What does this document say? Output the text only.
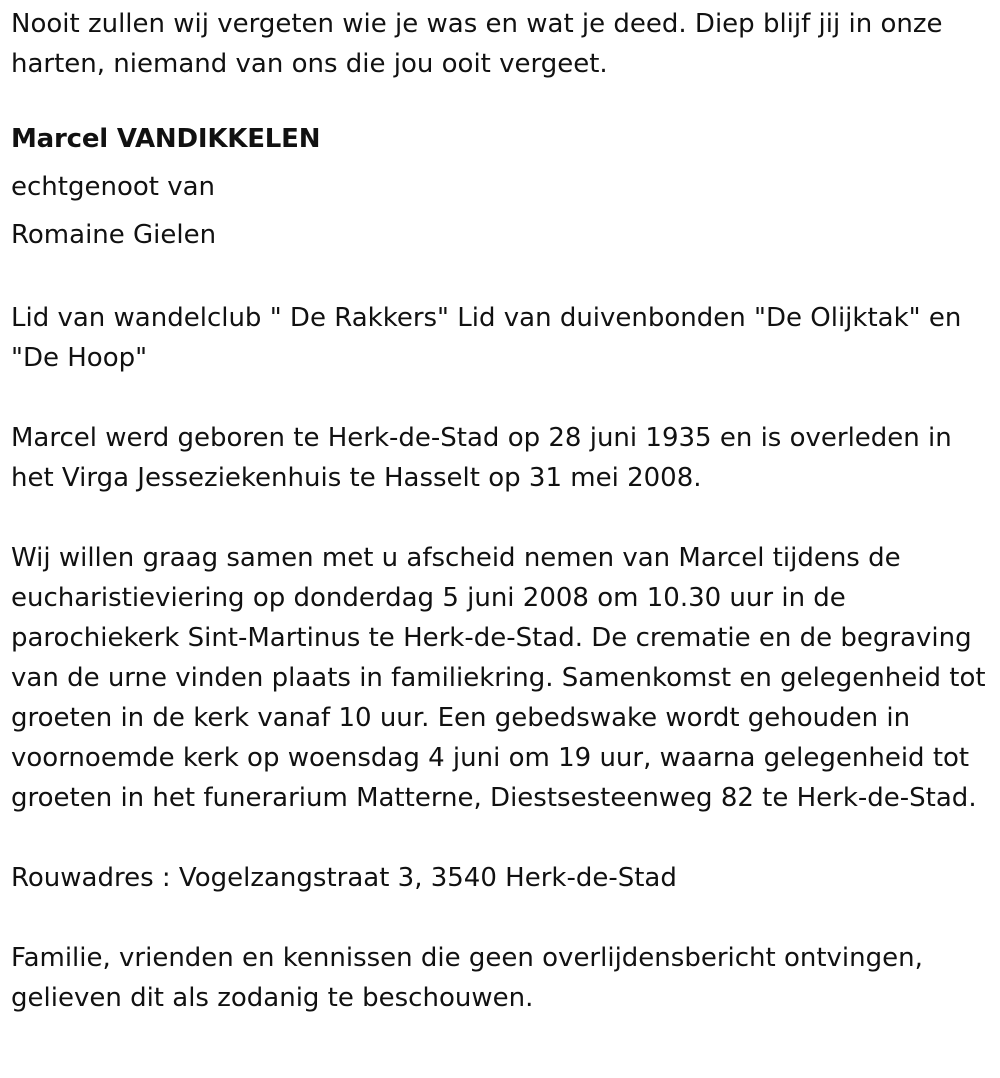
Nooit zullen wij vergeten wie je was en wat je deed. Diep blijf jij in onze harten, niemand van ons die jou ooit vergeet.

Marcel VANDIKKELEN

echtgenoot van

Romaine Gielen

Lid van wandelclub " De Rakkers" Lid van duivenbonden "De Olijktak" en "De Hoop"

Marcel werd geboren te Herk-de-Stad op 28 juni 1935 en is overleden in het Virga Jesseziekenhuis te Hasselt op 31 mei 2008.

Wij willen graag samen met u afscheid nemen van Marcel tijdens de eucharistieviering op donderdag 5 juni 2008 om 10.30 uur in de parochiekerk Sint-Martinus te Herk-de-Stad. De crematie en de begraving van de urne vinden plaats in familiekring. Samenkomst en gelegenheid tot groeten in de kerk vanaf 10 uur. Een gebedswake wordt gehouden in voornoemde kerk op woensdag 4 juni om 19 uur, waarna gelegenheid tot groeten in het funerarium Matterne, Diestsesteenweg 82 te Herk-de-Stad.

Rouwadres : Vogelzangstraat 3, 3540 Herk-de-Stad

Familie, vrienden en kennissen die geen overlijdensbericht ontvingen, gelieven dit als zodanig te beschouwen.
